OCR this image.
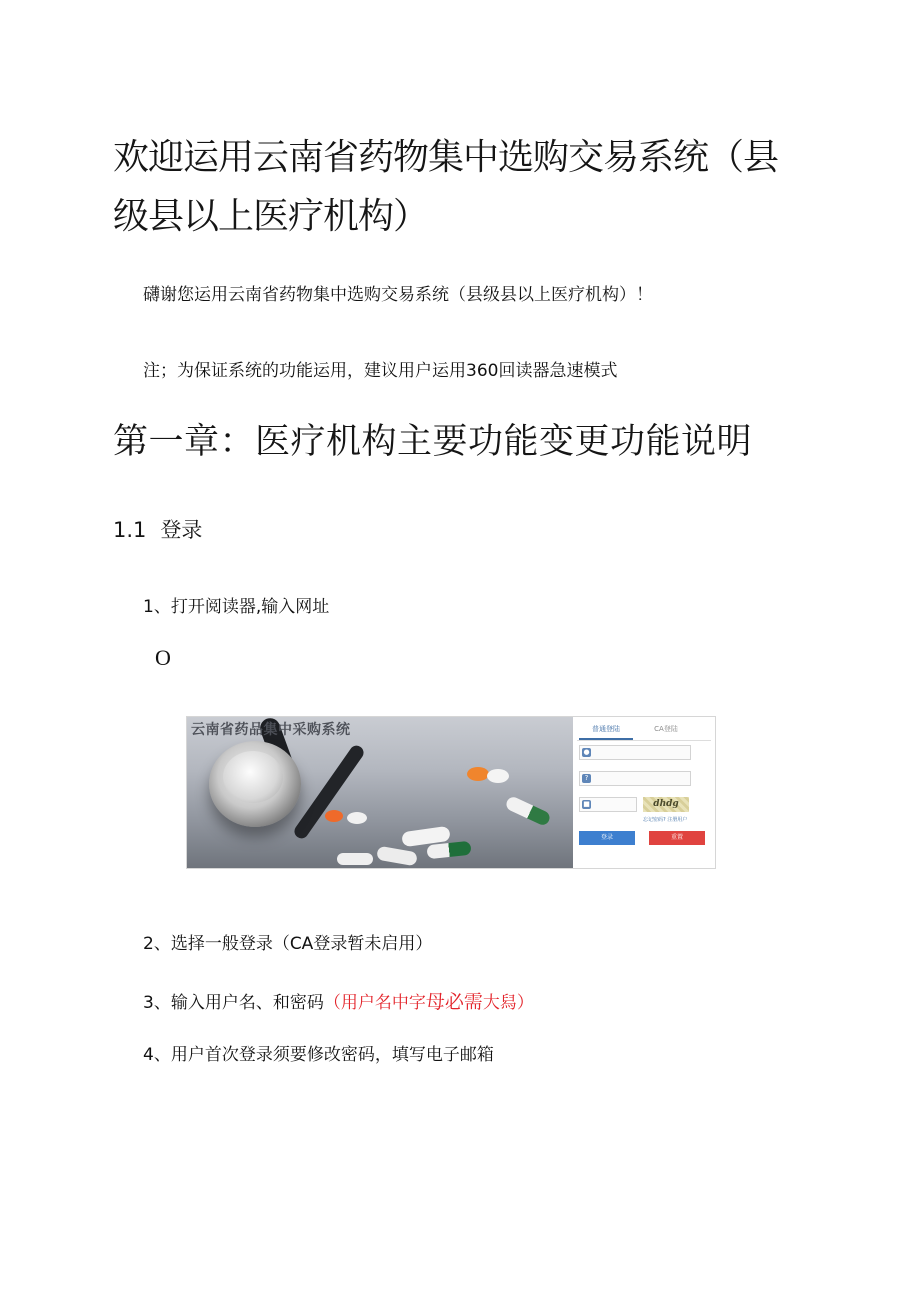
欢迎运用云南省药物集中选购交易系统（县
级县以上医疗机构）
礴谢您运用云南省药物集中选购交易系统（县级县以上医疗机构）！
注；为保证系统的功能运用，建议用户运用360回读器急速模式
第一章：医疗机构主要功能变更功能说明
1.1 登录
1、打开阅读器,输入网址
O
云南省药品集中采购系统	普通登陆	CA登陆
●
?
■	dhdg
忘记密码? 注册用户
登录	重置
2、选择一般登录（CA登录暂未启用）
3、输入用户名、和密码（用户名中字母必需大舄）
4、用户首次登录须要修改密码，填写电子邮箱
